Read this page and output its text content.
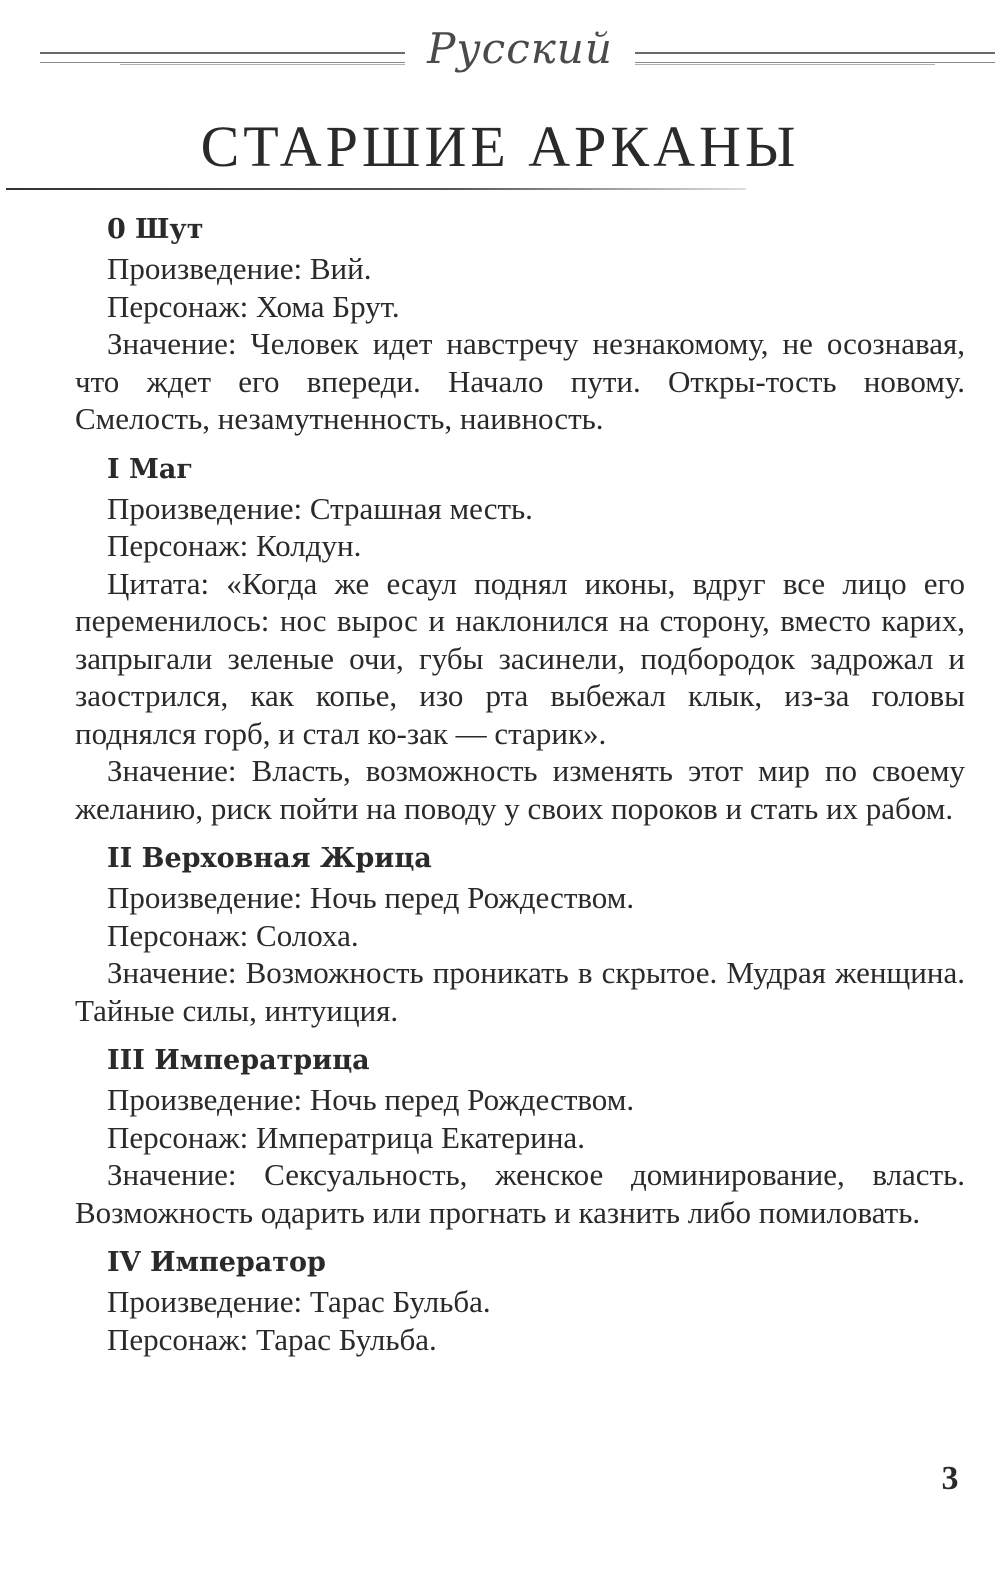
Русский
СТАРШИЕ АРКАНЫ

0 Шут

Произведение: Вий.

Персонаж: Хома Брут.

Значение: Человек идет навстречу незнакомому, не осознавая, что ждет его впереди. Начало пути. Откры-тость новому. Смелость, незамутненность, наивность.

I Маг

Произведение: Страшная месть.

Персонаж: Колдун.

Цитата: «Когда же есаул поднял иконы, вдруг все лицо его переменилось: нос вырос и наклонился на сторону, вместо карих, запрыгали зеленые очи, губы засинели, подбородок задрожал и заострился, как копье, изо рта выбежал клык, из-за головы поднялся горб, и стал ко-зак — старик».

Значение: Власть, возможность изменять этот мир по своему желанию, риск пойти на поводу у своих пороков и стать их рабом.

II Верховная Жрица

Произведение: Ночь перед Рождеством.

Персонаж: Солоха.

Значение: Возможность проникать в скрытое. Мудрая женщина. Тайные силы, интуиция.

III Императрица

Произведение: Ночь перед Рождеством.

Персонаж: Императрица Екатерина.

Значение: Сексуальность, женское доминирование, власть. Возможность одарить или прогнать и казнить либо помиловать.

IV Император

Произведение: Тарас Бульба.

Персонаж: Тарас Бульба.

3
